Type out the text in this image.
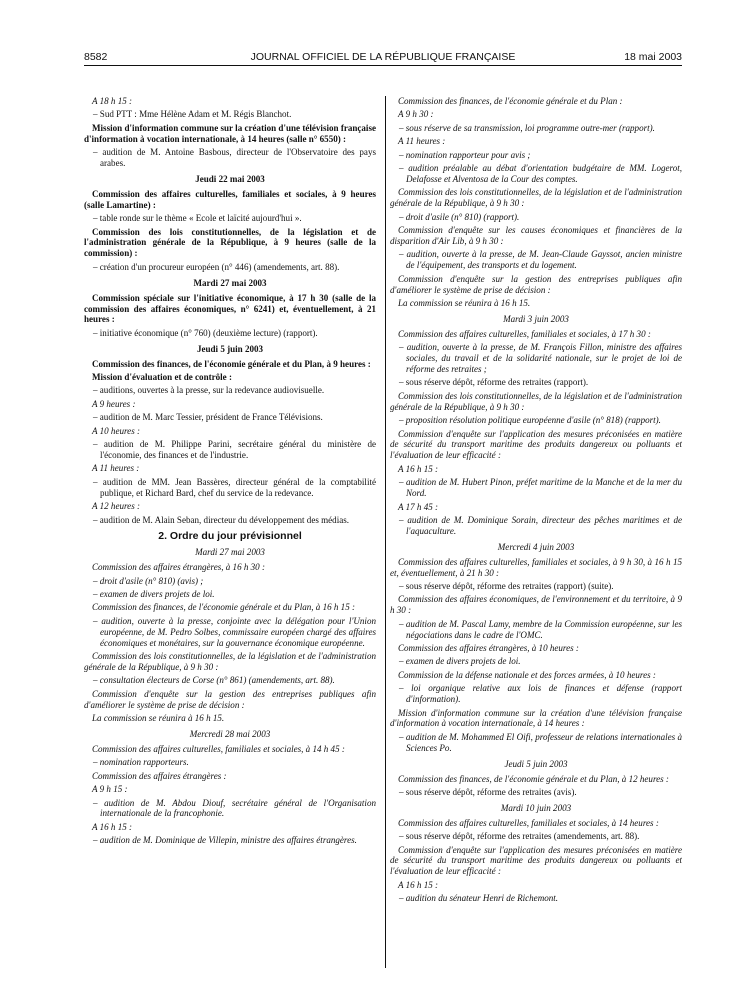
8582	JOURNAL OFFICIEL DE LA RÉPUBLIQUE FRANÇAISE	18 mai 2003
A 18 h 15 :
– Sud PTT : Mme Hélène Adam et M. Régis Blanchot.
Mission d'information commune sur la création d'une télévision française d'information à vocation internationale, à 14 heures (salle n° 6550) :
– audition de M. Antoine Basbous, directeur de l'Observatoire des pays arabes.
Jeudi 22 mai 2003
Commission des affaires culturelles, familiales et sociales, à 9 heures (salle Lamartine) :
– table ronde sur le thème « Ecole et laïcité aujourd'hui ».
Commission des lois constitutionnelles, de la législation et de l'administration générale de la République, à 9 heures (salle de la commission) :
– création d'un procureur européen (n° 446) (amendements, art. 88).
Mardi 27 mai 2003
Commission spéciale sur l'initiative économique, à 17 h 30 (salle de la commission des affaires économiques, n° 6241) et, éventuellement, à 21 heures :
– initiative économique (n° 760) (deuxième lecture) (rapport).
Jeudi 5 juin 2003
Commission des finances, de l'économie générale et du Plan, à 9 heures :
Mission d'évaluation et de contrôle :
– auditions, ouvertes à la presse, sur la redevance audiovisuelle.
A 9 heures :
– audition de M. Marc Tessier, président de France Télévisions.
A 10 heures :
– audition de M. Philippe Parini, secrétaire général du ministère de l'économie, des finances et de l'industrie.
A 11 heures :
– audition de MM. Jean Bassères, directeur général de la comptabilité publique, et Richard Bard, chef du service de la redevance.
A 12 heures :
– audition de M. Alain Seban, directeur du développement des médias.
2. Ordre du jour prévisionnel
Mardi 27 mai 2003
Commission des affaires étrangères, à 16 h 30 :
– droit d'asile (n° 810) (avis) ;
– examen de divers projets de loi.
Commission des finances, de l'économie générale et du Plan, à 16 h 15 :
– audition, ouverte à la presse, conjointe avec la délégation pour l'Union européenne, de M. Pedro Solbes, commissaire européen chargé des affaires économiques et monétaires, sur la gouvernance économique européenne.
Commission des lois constitutionnelles, de la législation et de l'administration générale de la République, à 9 h 30 :
– consultation électeurs de Corse (n° 861) (amendements, art. 88).
Commission d'enquête sur la gestion des entreprises publiques afin d'améliorer le système de prise de décision :
La commission se réunira à 16 h 15.
Mercredi 28 mai 2003
Commission des affaires culturelles, familiales et sociales, à 14 h 45 :
– nomination rapporteurs.
Commission des affaires étrangères :
A 9 h 15 :
– audition de M. Abdou Diouf, secrétaire général de l'Organisation internationale de la francophonie.
A 16 h 15 :
– audition de M. Dominique de Villepin, ministre des affaires étrangères.
Commission des finances, de l'économie générale et du Plan :
A 9 h 30 :
– sous réserve de sa transmission, loi programme outre-mer (rapport).
A 11 heures :
– nomination rapporteur pour avis ;
– audition préalable au débat d'orientation budgétaire de MM. Logerot, Delafosse et Alventosa de la Cour des comptes.
Commission des lois constitutionnelles, de la législation et de l'administration générale de la République, à 9 h 30 :
– droit d'asile (n° 810) (rapport).
Commission d'enquête sur les causes économiques et financières de la disparition d'Air Lib, à 9 h 30 :
– audition, ouverte à la presse, de M. Jean-Claude Gayssot, ancien ministre de l'équipement, des transports et du logement.
Commission d'enquête sur la gestion des entreprises publiques afin d'améliorer le système de prise de décision :
La commission se réunira à 16 h 15.
Mardi 3 juin 2003
Commission des affaires culturelles, familiales et sociales, à 17 h 30 :
– audition, ouverte à la presse, de M. François Fillon, ministre des affaires sociales, du travail et de la solidarité nationale, sur le projet de loi de réforme des retraites ;
– sous réserve dépôt, réforme des retraites (rapport).
Commission des lois constitutionnelles, de la législation et de l'administration générale de la République, à 9 h 30 :
– proposition résolution politique européenne d'asile (n° 818) (rapport).
Commission d'enquête sur l'application des mesures préconisées en matière de sécurité du transport maritime des produits dangereux ou polluants et l'évaluation de leur efficacité :
A 16 h 15 :
– audition de M. Hubert Pinon, préfet maritime de la Manche et de la mer du Nord.
A 17 h 45 :
– audition de M. Dominique Sorain, directeur des pêches maritimes et de l'aquaculture.
Mercredi 4 juin 2003
Commission des affaires culturelles, familiales et sociales, à 9 h 30, à 16 h 15 et, éventuellement, à 21 h 30 :
– sous réserve dépôt, réforme des retraites (rapport) (suite).
Commission des affaires économiques, de l'environnement et du territoire, à 9 h 30 :
– audition de M. Pascal Lamy, membre de la Commission européenne, sur les négociations dans le cadre de l'OMC.
Commission des affaires étrangères, à 10 heures :
– examen de divers projets de loi.
Commission de la défense nationale et des forces armées, à 10 heures :
– loi organique relative aux lois de finances et défense (rapport d'information).
Mission d'information commune sur la création d'une télévision française d'information à vocation internationale, à 14 heures :
– audition de M. Mohammed El Oifi, professeur de relations internationales à Sciences Po.
Jeudi 5 juin 2003
Commission des finances, de l'économie générale et du Plan, à 12 heures :
– sous réserve dépôt, réforme des retraites (avis).
Mardi 10 juin 2003
Commission des affaires culturelles, familiales et sociales, à 14 heures :
– sous réserve dépôt, réforme des retraites (amendements, art. 88).
Commission d'enquête sur l'application des mesures préconisées en matière de sécurité du transport maritime des produits dangereux ou polluants et l'évaluation de leur efficacité :
A 16 h 15 :
– audition du sénateur Henri de Richemont.
